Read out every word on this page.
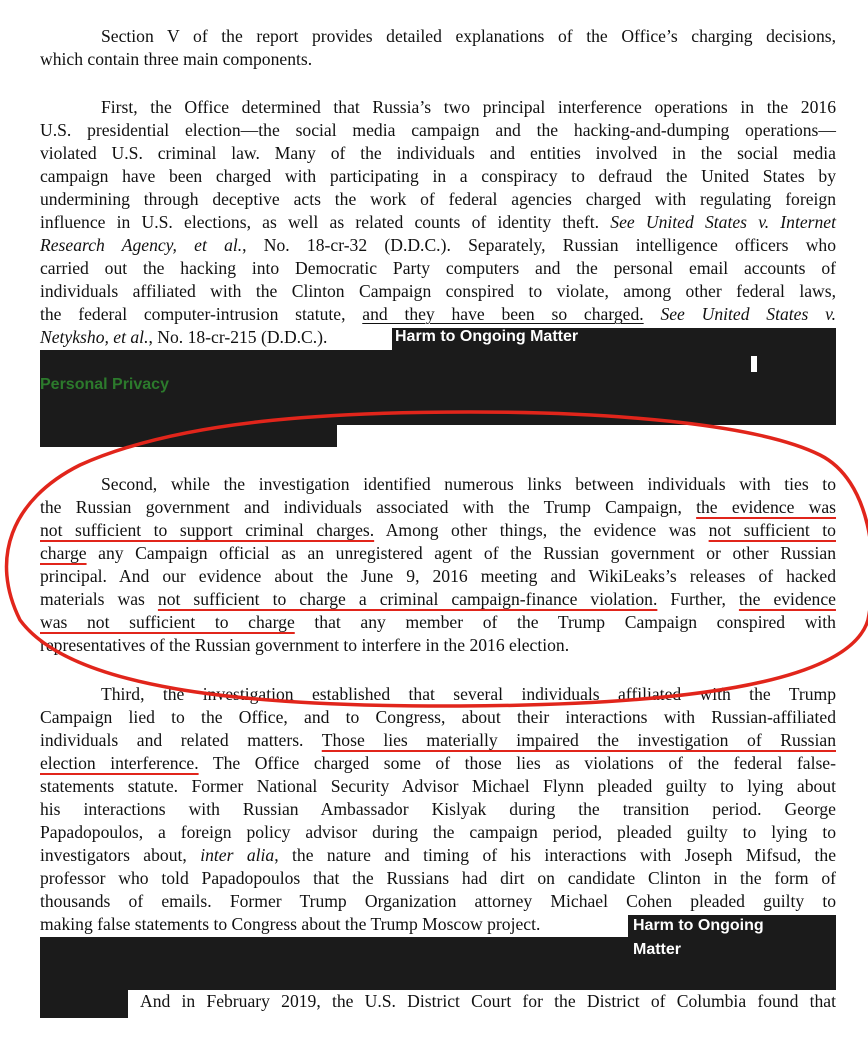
Section V of the report provides detailed explanations of the Office’s charging decisions,
which contain three main components.
First, the Office determined that Russia’s two principal interference operations in the 2016
U.S. presidential election—the social media campaign and the hacking-and-dumping operations—
violated U.S. criminal law. Many of the individuals and entities involved in the social media
campaign have been charged with participating in a conspiracy to defraud the United States by
undermining through deceptive acts the work of federal agencies charged with regulating foreign
influence in U.S. elections, as well as related counts of identity theft. See United States v. Internet
Research Agency, et al., No. 18-cr-32 (D.D.C.). Separately, Russian intelligence officers who
carried out the hacking into Democratic Party computers and the personal email accounts of
individuals affiliated with the Clinton Campaign conspired to violate, among other federal laws,
the federal computer-intrusion statute, and they have been so charged. See United States v.
Netyksho, et al., No. 18-cr-215 (D.D.C.).	Harm to Ongoing Matter
Personal Privacy
Second, while the investigation identified numerous links between individuals with ties to
the Russian government and individuals associated with the Trump Campaign, the evidence was
not sufficient to support criminal charges. Among other things, the evidence was not sufficient to
charge any Campaign official as an unregistered agent of the Russian government or other Russian
principal. And our evidence about the June 9, 2016 meeting and WikiLeaks’s releases of hacked
materials was not sufficient to charge a criminal campaign-finance violation. Further, the evidence
was not sufficient to charge that any member of the Trump Campaign conspired with
representatives of the Russian government to interfere in the 2016 election.
Third, the investigation established that several individuals affiliated with the Trump
Campaign lied to the Office, and to Congress, about their interactions with Russian-affiliated
individuals and related matters. Those lies materially impaired the investigation of Russian
election interference. The Office charged some of those lies as violations of the federal false-
statements statute. Former National Security Advisor Michael Flynn pleaded guilty to lying about
his interactions with Russian Ambassador Kislyak during the transition period. George
Papadopoulos, a foreign policy advisor during the campaign period, pleaded guilty to lying to
investigators about, inter alia, the nature and timing of his interactions with Joseph Mifsud, the
professor who told Papadopoulos that the Russians had dirt on candidate Clinton in the form of
thousands of emails. Former Trump Organization attorney Michael Cohen pleaded guilty to
making false statements to Congress about the Trump Moscow project.	Harm to Ongoing
Matter
And in February 2019, the U.S. District Court for the District of Columbia found that
